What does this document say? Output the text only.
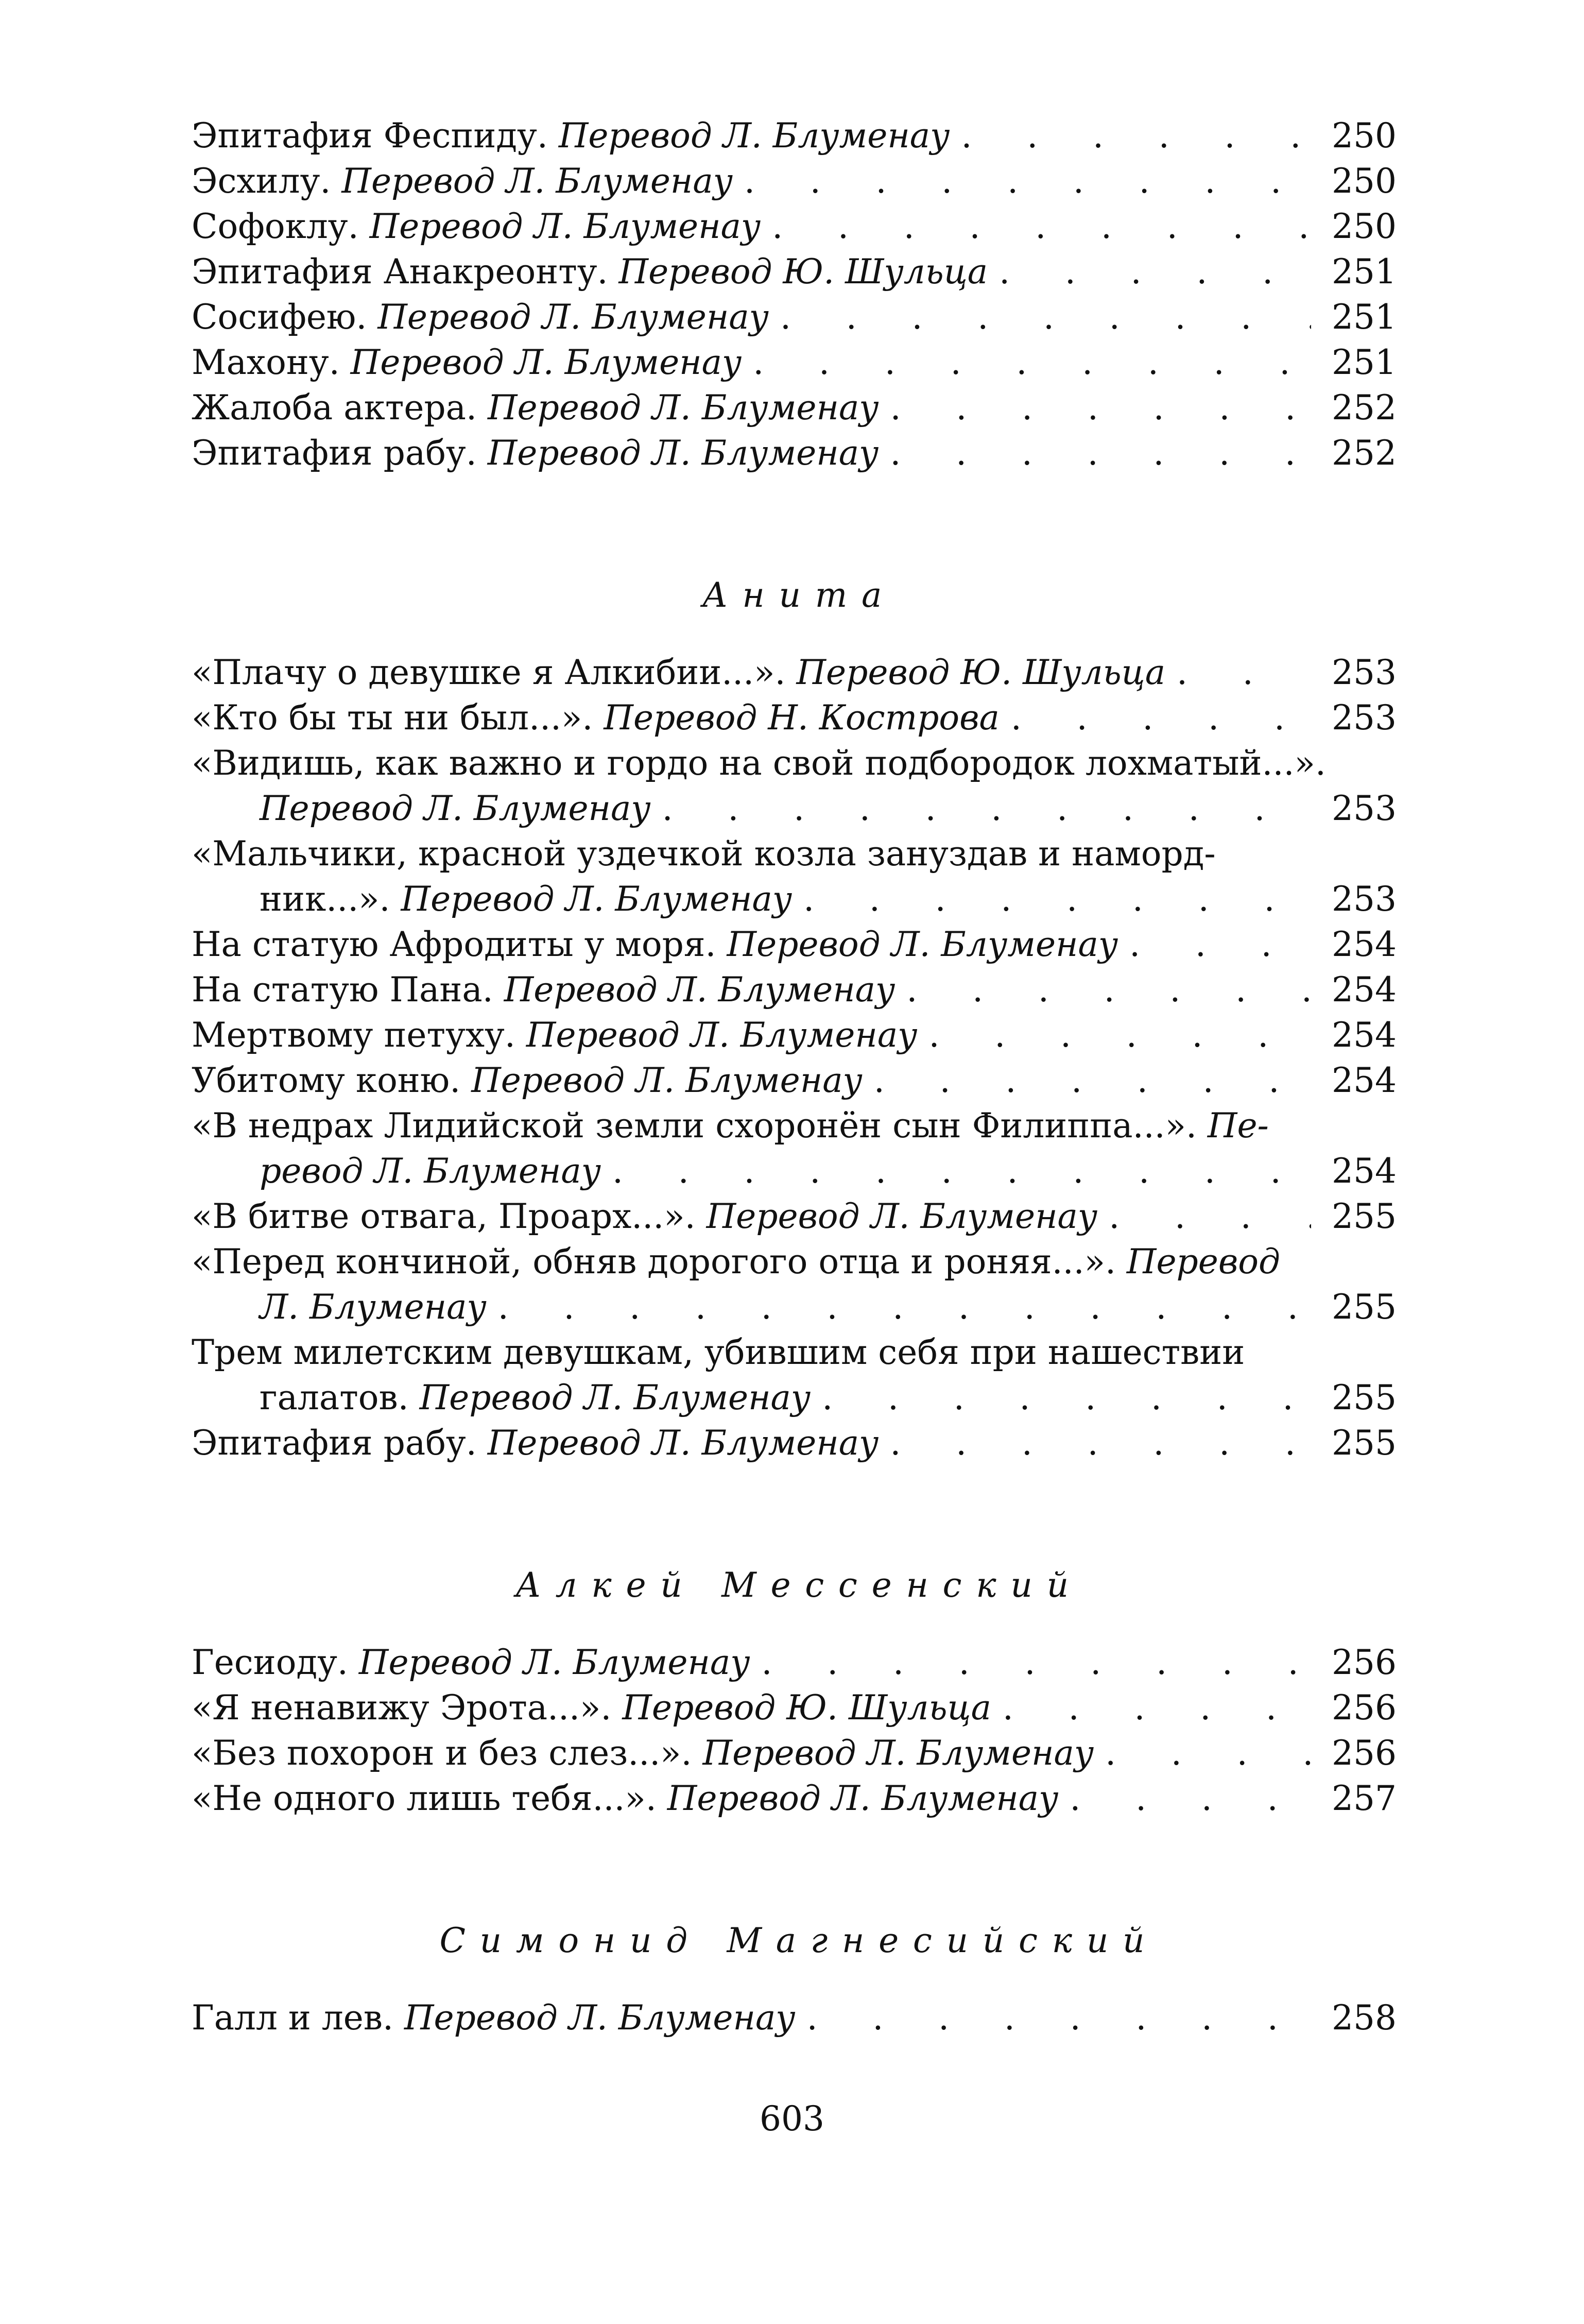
Эпитафия Феспиду. Перевод Л. Блуменау . . .	250
Эсхилу. Перевод Л. Блуменау . . .	250
Софоклу. Перевод Л. Блуменау . . .	250
Эпитафия Анакреонту. Перевод Ю. Шульца . . .	251
Сосифею. Перевод Л. Блуменау . . .	251
Махону. Перевод Л. Блуменау . . .	251
Жалоба актера. Перевод Л. Блуменау . . .	252
Эпитафия рабу. Перевод Л. Блуменау . . .	252
Анита
«Плачу о девушке я Алкибии...». Перевод Ю. Шульца . . .	253
«Кто бы ты ни был...». Перевод Н. Кострова . . .	253
«Видишь, как важно и гордо на свой подбородок лохматый...».
Перевод Л. Блуменау . . .	253
«Мальчики, красной уздечкой козла зануздав и наморд-
ник...». Перевод Л. Блуменау . . .	253
На статую Афродиты у моря. Перевод Л. Блуменау . . .	254
На статую Пана. Перевод Л. Блуменау . . .	254
Мертвому петуху. Перевод Л. Блуменау . . .	254
Убитому коню. Перевод Л. Блуменау . . .	254
«В недрах Лидийской земли схоронён сын Филиппа...». Пе-
ревод Л. Блуменау . . .	254
«В битве отвага, Проарх...». Перевод Л. Блуменау . . .	255
«Перед кончиной, обняв дорогого отца и роняя...». Перевод
Л. Блуменау . . .	255
Трем милетским девушкам, убившим себя при нашествии
галатов. Перевод Л. Блуменау . . .	255
Эпитафия рабу. Перевод Л. Блуменау . . .	255
Алкей Мессенский
Гесиоду. Перевод Л. Блуменау . . .	256
«Я ненавижу Эрота...». Перевод Ю. Шульца . . .	256
«Без похорон и без слез...». Перевод Л. Блуменау . . .	256
«Не одного лишь тебя...». Перевод Л. Блуменау . . .	257
Симонид Магнесийский
Галл и лев. Перевод Л. Блуменау . . .	258
603
